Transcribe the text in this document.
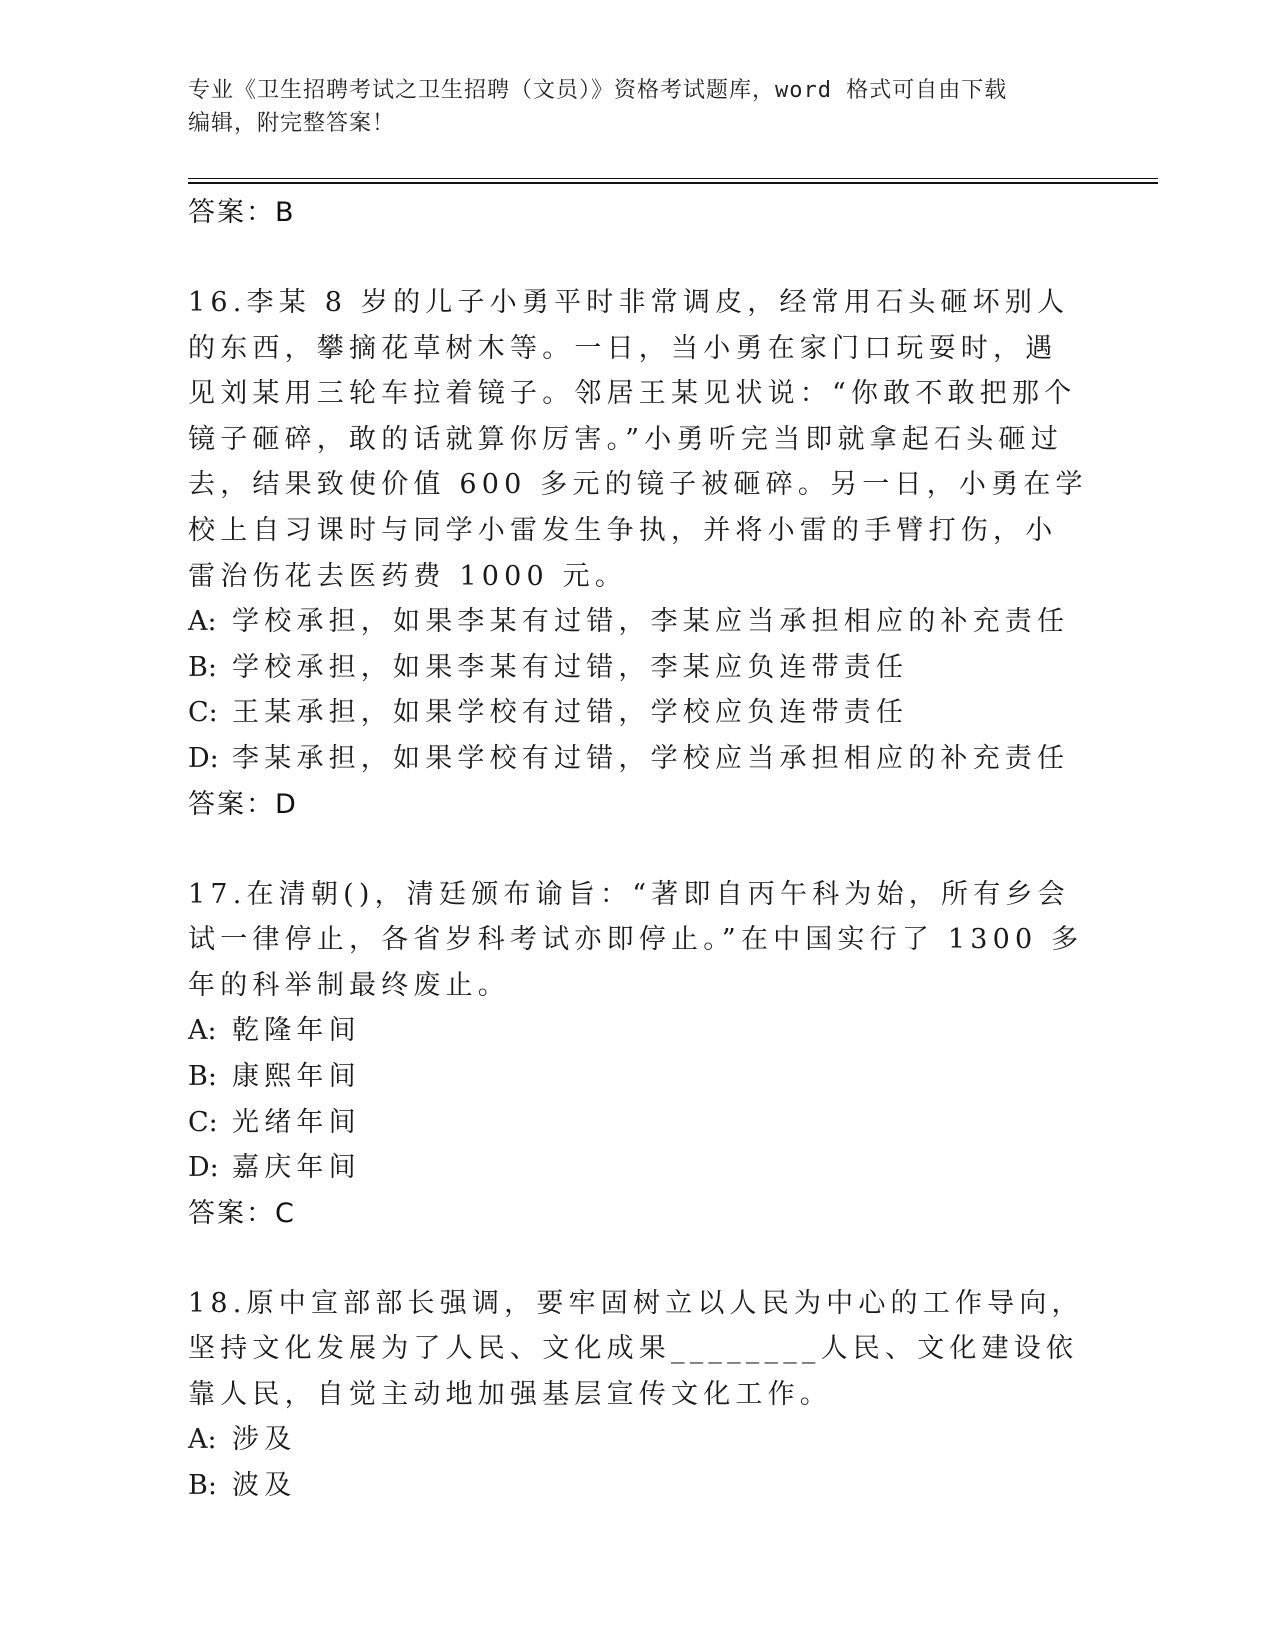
专业《卫生招聘考试之卫生招聘（文员）》资格考试题库，word 格式可自由下载
编辑，附完整答案！
答案：B
16.李某 8 岁的儿子小勇平时非常调皮，经常用石头砸坏别人的东西，攀摘花草树木等。一日，当小勇在家门口玩耍时，遇见刘某用三轮车拉着镜子。邻居王某见状说：“你敢不敢把那个镜子砸碎，敢的话就算你厉害。”小勇听完当即就拿起石头砸过去，结果致使价值 600 多元的镜子被砸碎。另一日，小勇在学校上自习课时与同学小雷发生争执，并将小雷的手臂打伤，小雷治伤花去医药费 1000 元。
A: 学校承担，如果李某有过错，李某应当承担相应的补充责任
B: 学校承担，如果李某有过错，李某应负连带责任
C: 王某承担，如果学校有过错，学校应负连带责任
D: 李某承担，如果学校有过错，学校应当承担相应的补充责任
答案：D
17.在清朝()，清廷颁布谕旨：“著即自丙午科为始，所有乡会试一律停止，各省岁科考试亦即停止。”在中国实行了 1300 多年的科举制最终废止。
A: 乾隆年间
B: 康熙年间
C: 光绪年间
D: 嘉庆年间
答案：C
18.原中宣部部长强调，要牢固树立以人民为中心的工作导向，坚持文化发展为了人民、文化成果________人民、文化建设依靠人民，自觉主动地加强基层宣传文化工作。
A: 涉及
B: 波及
